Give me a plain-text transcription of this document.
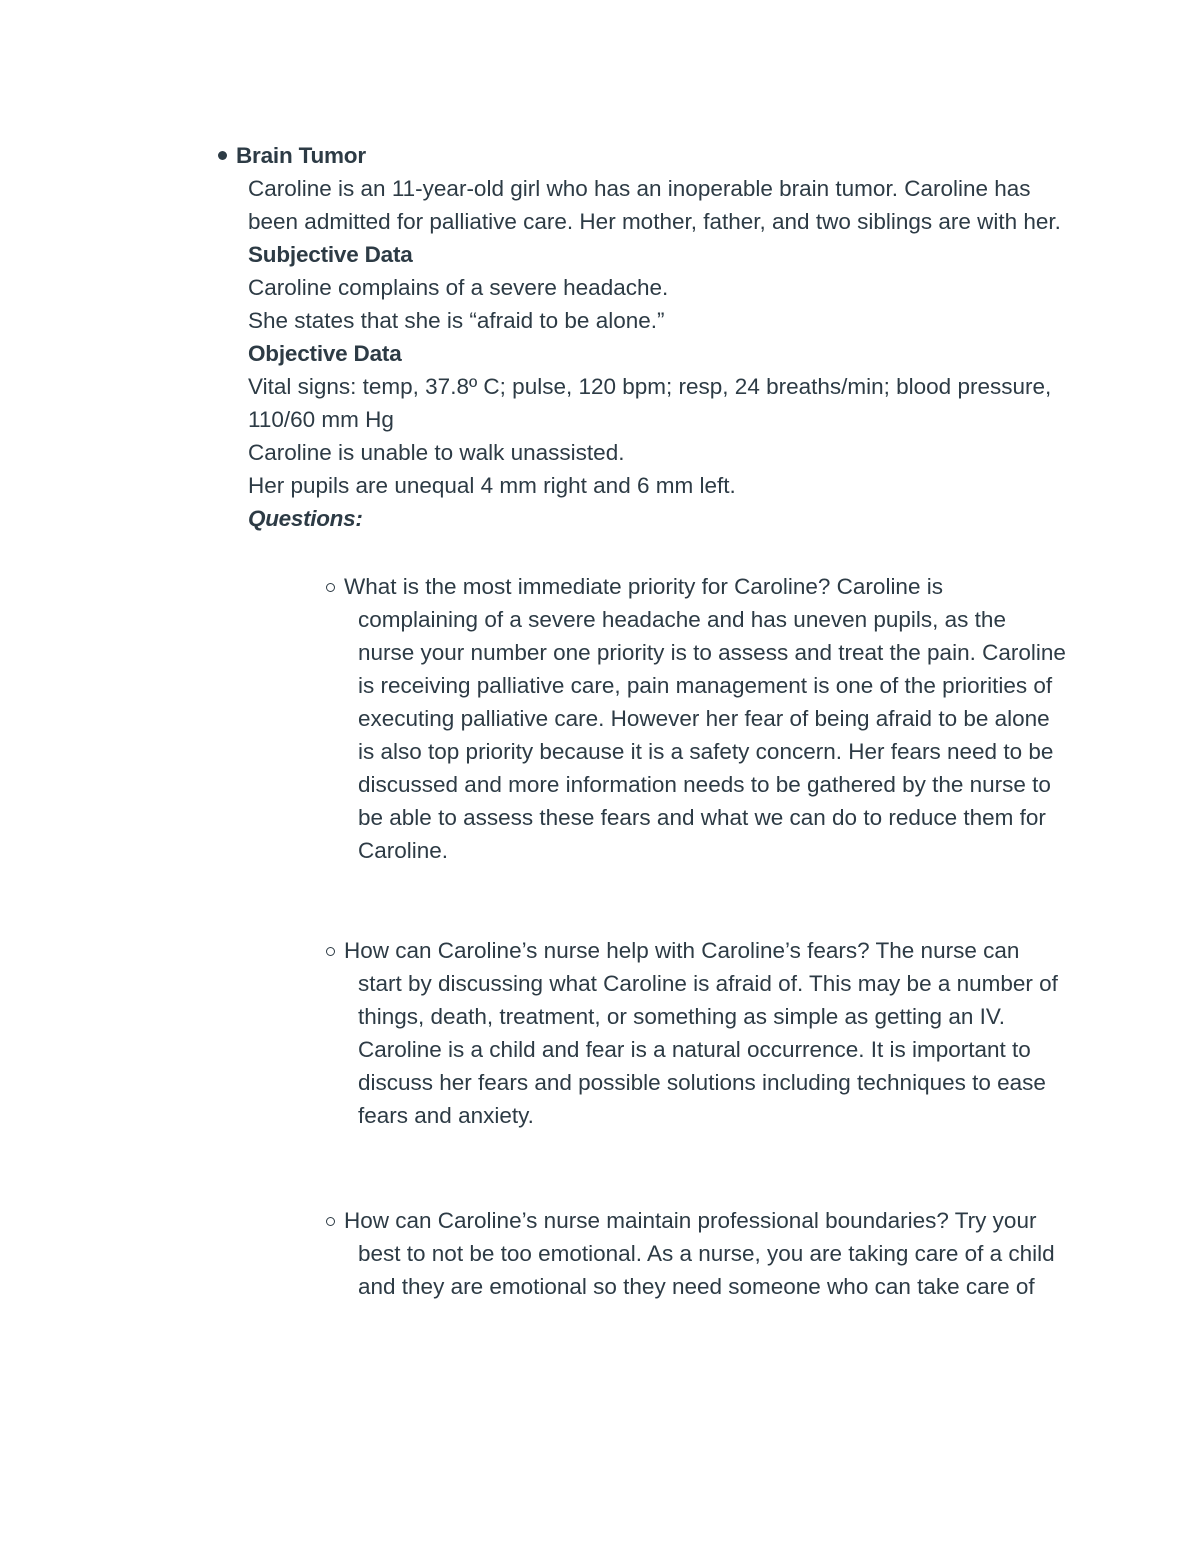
Brain Tumor

Caroline is an 11-year-old girl who has an inoperable brain tumor. Caroline has been admitted for palliative care. Her mother, father, and two siblings are with her.

Subjective Data

Caroline complains of a severe headache.

She states that she is “afraid to be alone.”

Objective Data

Vital signs: temp, 37.8º C; pulse, 120 bpm; resp, 24 breaths/min; blood pressure, 110/60 mm Hg

Caroline is unable to walk unassisted.

Her pupils are unequal 4 mm right and 6 mm left.

Questions:

What is the most immediate priority for Caroline? Caroline is complaining of a severe headache and has uneven pupils, as the nurse your number one priority is to assess and treat the pain. Caroline is receiving palliative care, pain management is one of the priorities of executing palliative care. However her fear of being afraid to be alone is also top priority because it is a safety concern. Her fears need to be discussed and more information needs to be gathered by the nurse to be able to assess these fears and what we can do to reduce them for Caroline.

How can Caroline’s nurse help with Caroline’s fears? The nurse can start by discussing what Caroline is afraid of. This may be a number of things, death, treatment, or something as simple as getting an IV. Caroline is a child and fear is a natural occurrence. It is important to discuss her fears and possible solutions including techniques to ease fears and anxiety.

How can Caroline’s nurse maintain professional boundaries? Try your best to not be too emotional. As a nurse, you are taking care of a child and they are emotional so they need someone who can take care of
